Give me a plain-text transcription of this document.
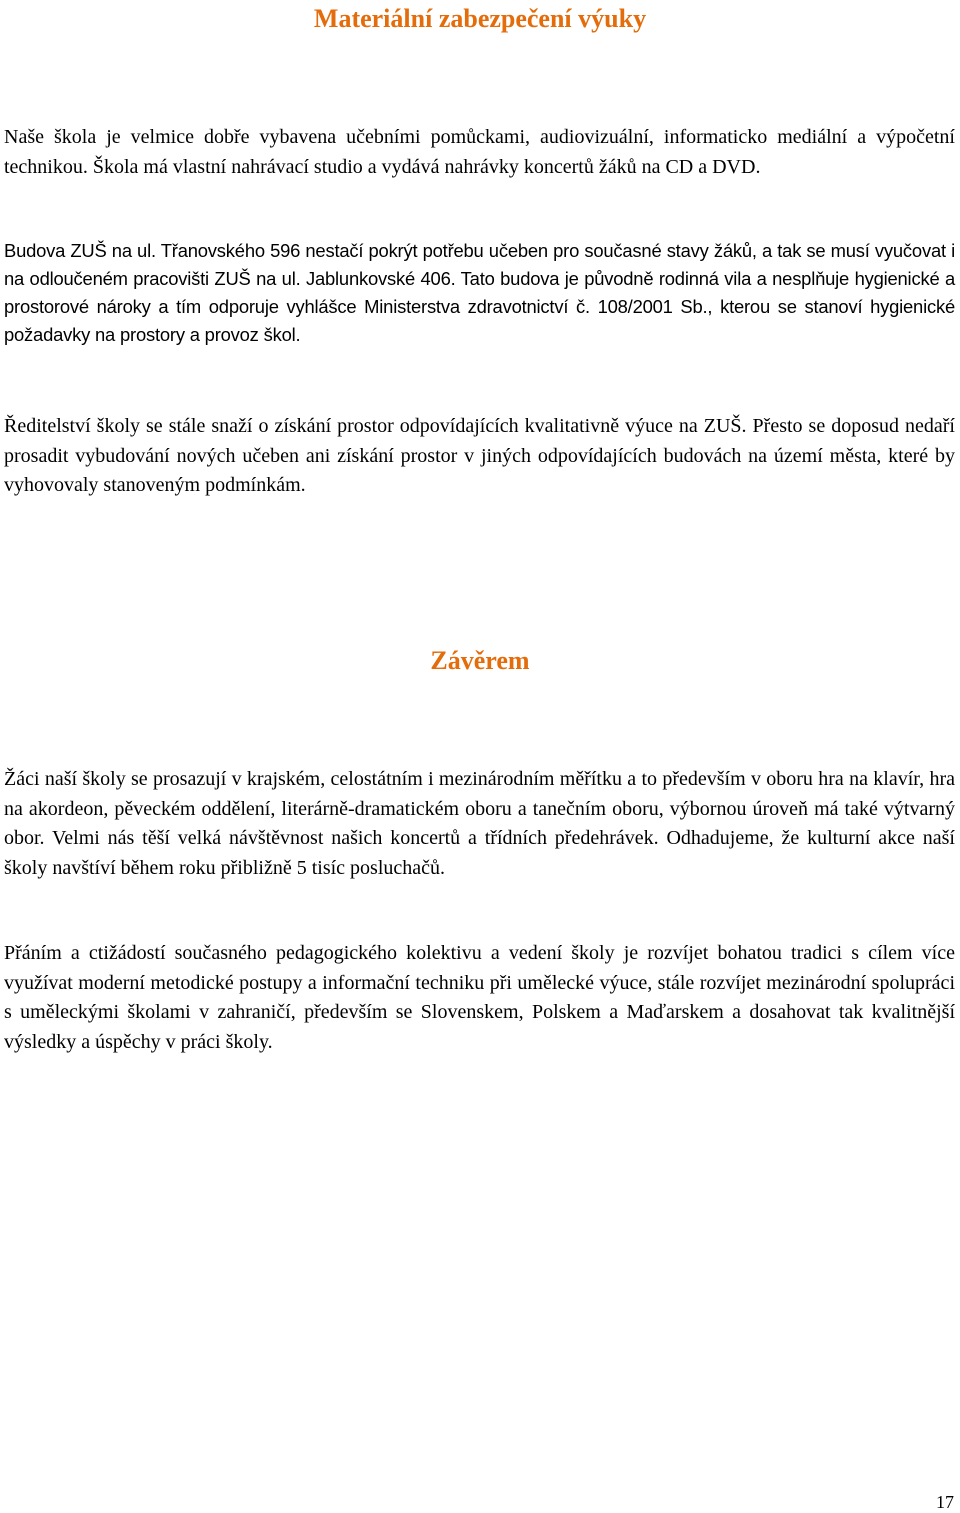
Materiální zabezpečení výuky

Naše škola je velmice dobře vybavena učebními pomůckami, audiovizuální, informaticko mediální a výpočetní technikou. Škola má vlastní nahrávací studio a vydává nahrávky koncertů žáků na CD a DVD.

Budova ZUŠ na ul. Třanovského 596 nestačí pokrýt potřebu učeben pro současné stavy žáků, a tak se musí vyučovat i na odloučeném pracovišti ZUŠ na ul. Jablunkovské 406. Tato budova je původně rodinná vila a nesplňuje hygienické a prostorové nároky a tím odporuje vyhlášce Ministerstva zdravotnictví č. 108/2001 Sb., kterou se stanoví hygienické požadavky na prostory a provoz škol.

Ředitelství školy se stále snaží o získání prostor odpovídajících kvalitativně výuce na ZUŠ. Přesto se doposud nedaří prosadit vybudování nových učeben ani získání prostor v jiných odpovídajících budovách na území města, které by vyhovovaly stanoveným podmínkám.

Závěrem

Žáci naší školy se prosazují v krajském, celostátním i mezinárodním měřítku a to především v oboru hra na klavír, hra na akordeon, pěveckém oddělení, literárně-dramatickém oboru a tanečním oboru, výbornou úroveň má také výtvarný obor. Velmi nás těší velká návštěvnost našich koncertů a třídních předehrávek. Odhadujeme, že kulturní akce naší školy navštíví během roku přibližně 5 tisíc posluchačů.

Přáním a ctižádostí současného pedagogického kolektivu a vedení školy je rozvíjet bohatou tradici s cílem více využívat moderní metodické postupy a informační techniku při umělecké výuce, stále rozvíjet mezinárodní spolupráci s uměleckými školami v zahraničí, především se Slovenskem, Polskem a Maďarskem a dosahovat tak kvalitnější výsledky a úspěchy v práci školy.

17
